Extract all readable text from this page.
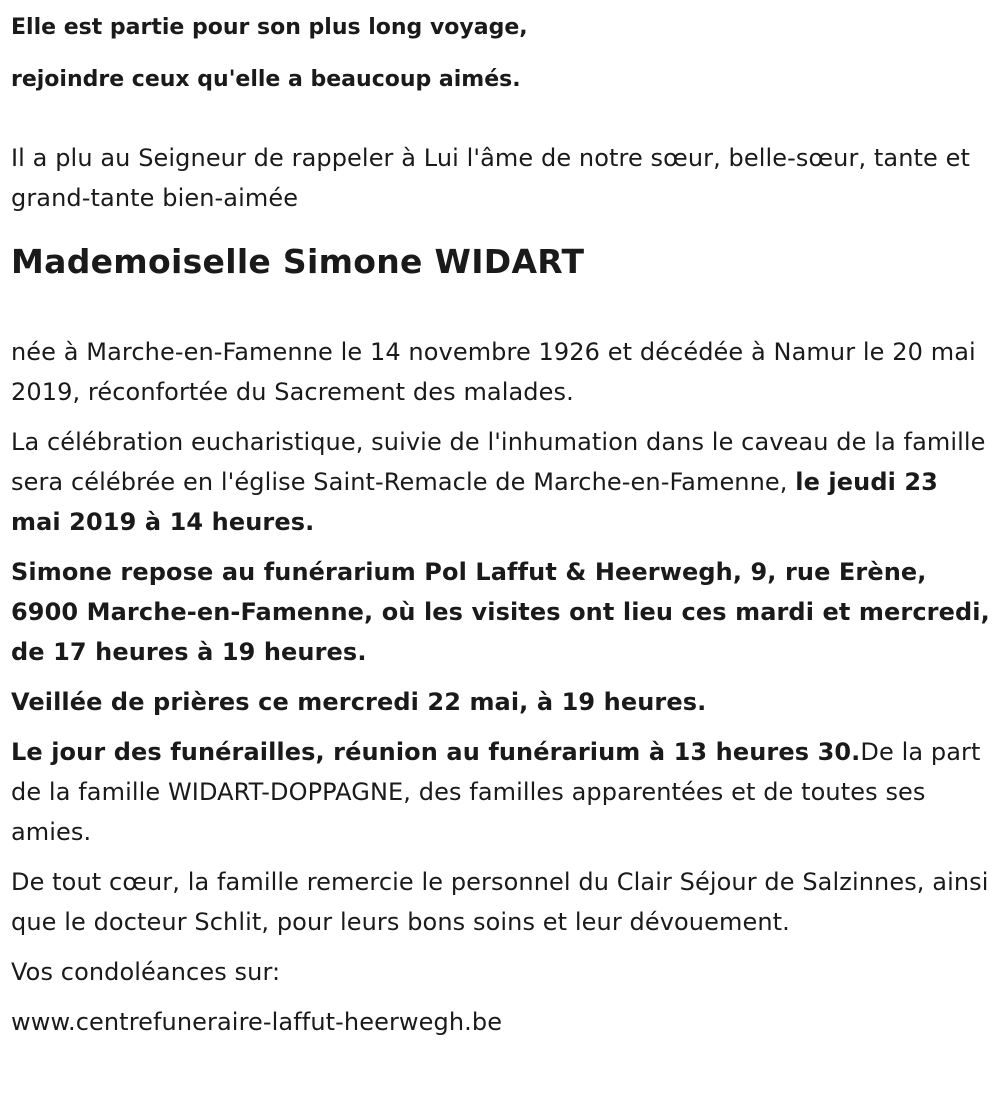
Elle est partie pour son plus long voyage,

rejoindre ceux qu'elle a beaucoup aimés.

Il a plu au Seigneur de rappeler à Lui l'âme de notre sœur, belle-sœur, tante et grand-tante bien-aimée

Mademoiselle Simone WIDART

née à Marche-en-Famenne le 14 novembre 1926 et décédée à Namur le 20 mai 2019, réconfortée du Sacrement des malades.

La célébration eucharistique, suivie de l'inhumation dans le caveau de la famille sera célébrée en l'église Saint-Remacle de Marche-en-Famenne, le jeudi 23 mai 2019 à 14 heures.

Simone repose au funérarium Pol Laffut & Heerwegh, 9, rue Erène, 6900 Marche-en-Famenne, où les visites ont lieu ces mardi et mercredi, de 17 heures à 19 heures.

Veillée de prières ce mercredi 22 mai, à 19 heures.

Le jour des funérailles, réunion au funérarium à 13 heures 30.De la part de la famille WIDART-DOPPAGNE, des familles apparentées et de toutes ses amies.

De tout cœur, la famille remercie le personnel du Clair Séjour de Salzinnes, ainsi que le docteur Schlit, pour leurs bons soins et leur dévouement.

Vos condoléances sur:

www.centrefuneraire-laffut-heerwegh.be
